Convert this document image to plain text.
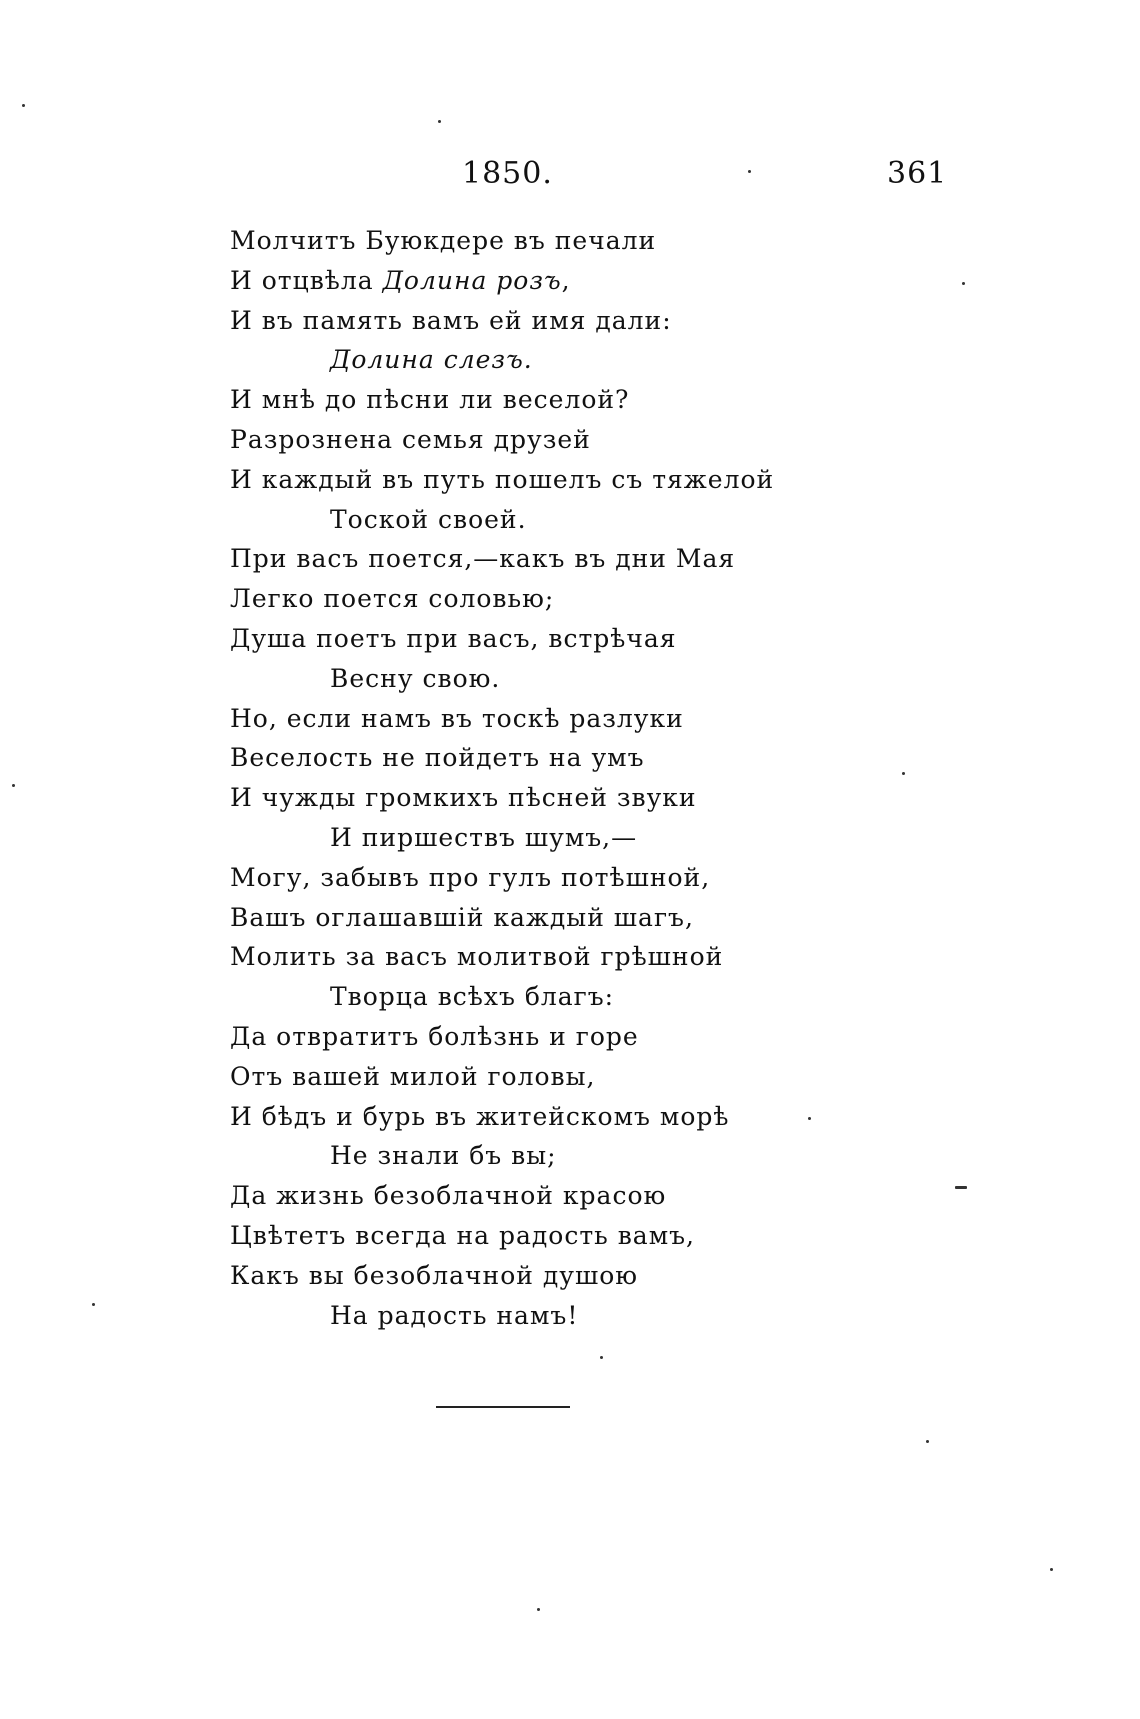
1850.	361
Молчитъ Буюкдере въ печали
И отцвѣла Долина розъ,
И въ память вамъ ей имя дали:
Долина слезъ.
И мнѣ до пѣсни ли веселой?
Разрознена семья друзей
И каждый въ путь пошелъ съ тяжелой
Тоской своей.
При васъ поется,—какъ въ дни Мая
Легко поется соловью;
Душа поетъ при васъ, встрѣчая
Весну свою.
Но, если намъ въ тоскѣ разлуки
Веселость не пойдетъ на умъ
И чужды громкихъ пѣсней звуки
И пиршествъ шумъ,—
Могу, забывъ про гулъ потѣшной,
Вашъ оглашавшій каждый шагъ,
Молить за васъ молитвой грѣшной
Творца всѣхъ благъ:
Да отвратитъ болѣзнь и горе
Отъ вашей милой головы,
И бѣдъ и бурь въ житейскомъ морѣ
Не знали бъ вы;
Да жизнь безоблачной красою
Цвѣтетъ всегда на радость вамъ,
Какъ вы безоблачной душою
На радость намъ!
